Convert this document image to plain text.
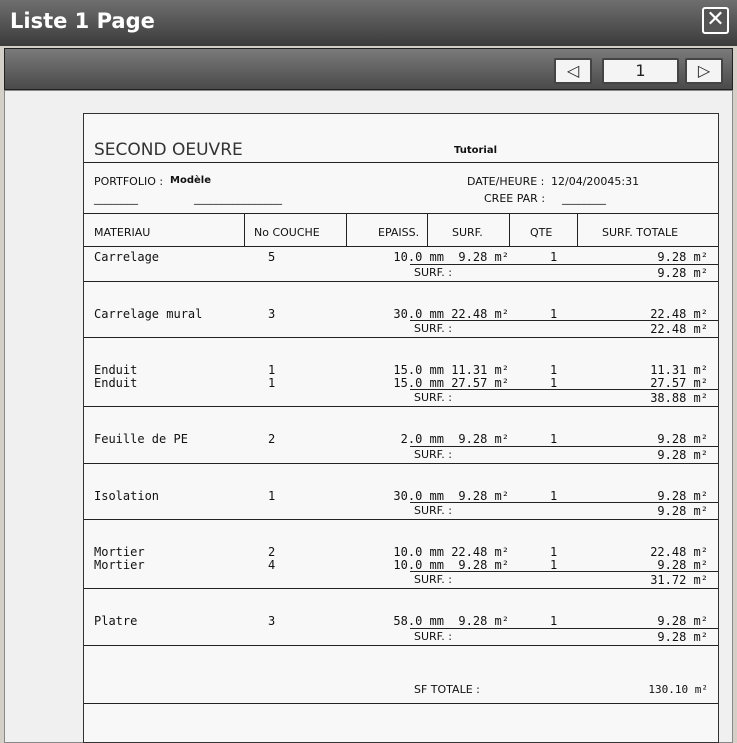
Liste 1 Page	✕
◁	1	▷
SECOND OEUVRE	Tutorial
PORTFOLIO : Modèle	DATE/HEURE : 12/04/20045:31
________	________________	CREE PAR : ________
MATERIAU	No COUCHE	EPAISS.	SURF.	QTE	SURF. TOTALE
Carrelage	5	10.0 mm 9.28 m²	1	9.28 m²
SURF. :	9.28 m²
Carrelage mural	3	30.0 mm 22.48 m²	1	22.48 m²
SURF. :	22.48 m²
Enduit	1	15.0 mm 11.31 m²	1	11.31 m²
Enduit	1	15.0 mm 27.57 m²	1	27.57 m²
SURF. :	38.88 m²
Feuille de PE	2	2.0 mm 9.28 m²	1	9.28 m²
SURF. :	9.28 m²
Isolation	1	30.0 mm 9.28 m²	1	9.28 m²
SURF. :	9.28 m²
Mortier	2	10.0 mm 22.48 m²	1	22.48 m²
Mortier	4	10.0 mm 9.28 m²	1	9.28 m²
SURF. :	31.72 m²
Platre	3	58.0 mm 9.28 m²	1	9.28 m²
SURF. :	9.28 m²
SF TOTALE :	130.10 m²
